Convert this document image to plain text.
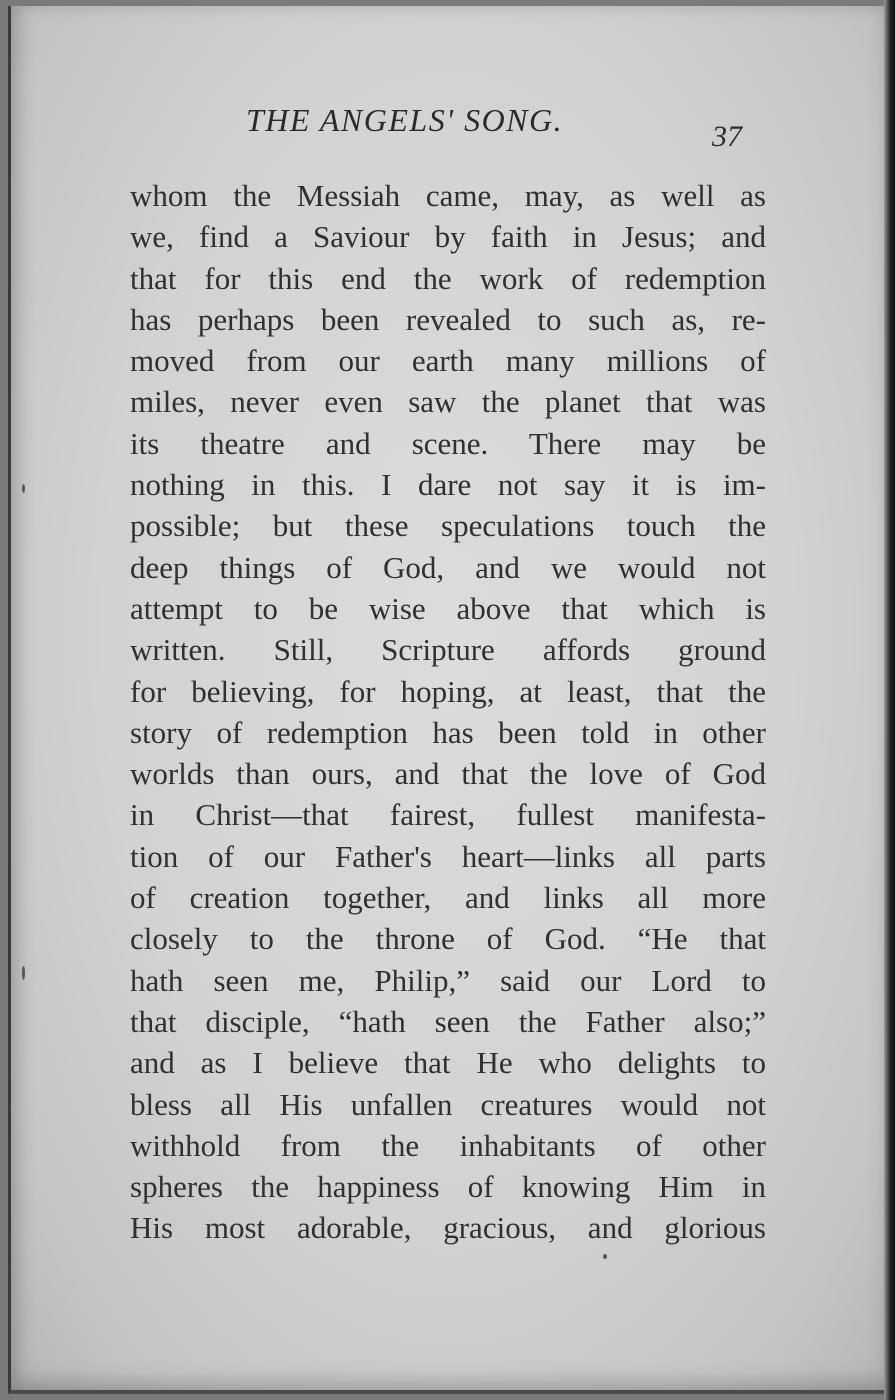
THE ANGELS' SONG.	37
whom the Messiah came, may, as well as
we, find a Saviour by faith in Jesus; and
that for this end the work of redemption
has perhaps been revealed to such as, re-
moved from our earth many millions of
miles, never even saw the planet that was
its theatre and scene. There may be
nothing in this. I dare not say it is im-
possible; but these speculations touch the
deep things of God, and we would not
attempt to be wise above that which is
written. Still, Scripture affords ground
for believing, for hoping, at least, that the
story of redemption has been told in other
worlds than ours, and that the love of God
in Christ—that fairest, fullest manifesta-
tion of our Father's heart—links all parts
of creation together, and links all more
closely to the throne of God. “He that
hath seen me, Philip,” said our Lord to
that disciple, “hath seen the Father also;”
and as I believe that He who delights to
bless all His unfallen creatures would not
withhold from the inhabitants of other
spheres the happiness of knowing Him in
His most adorable, gracious, and glorious
